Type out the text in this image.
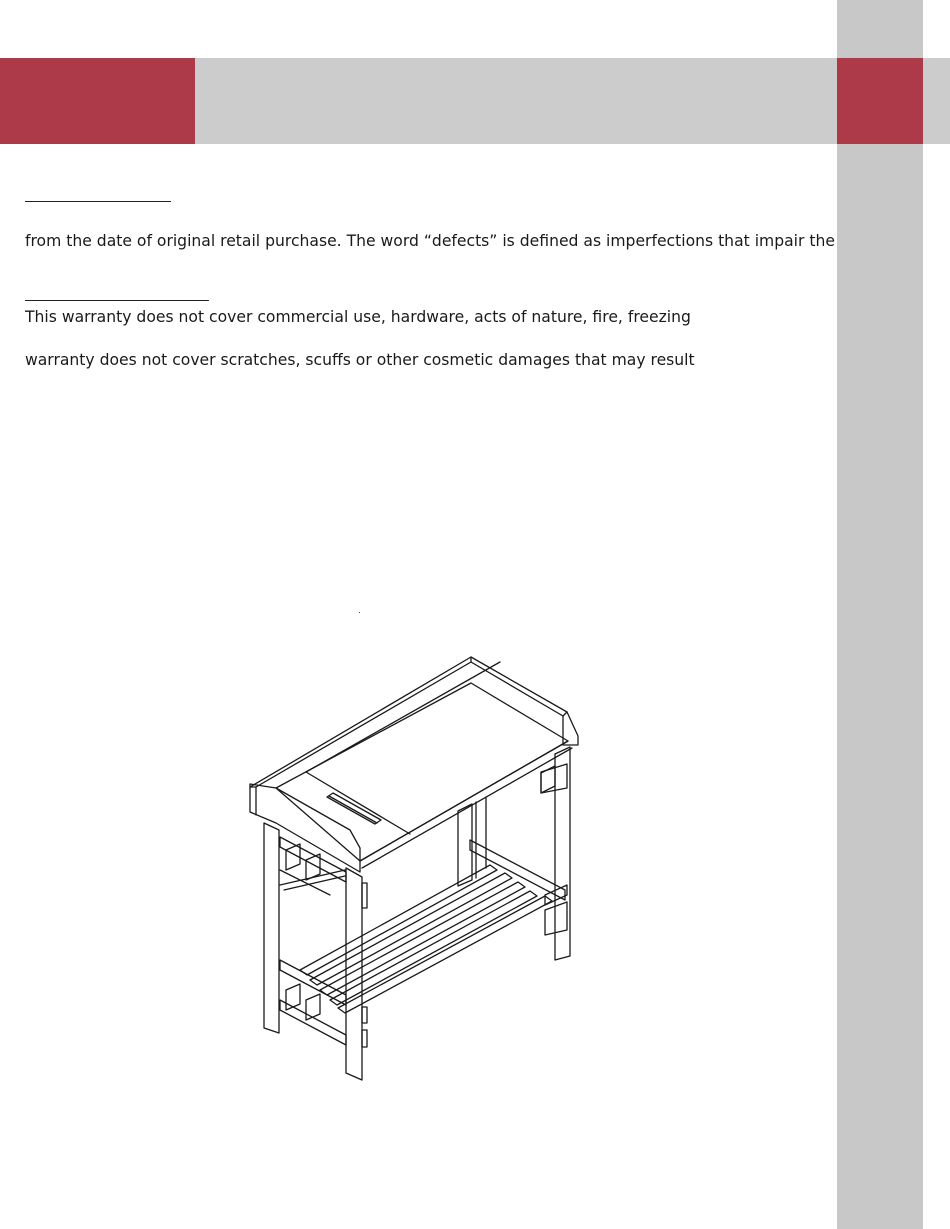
from the date of original retail purchase. The word “defects” is defined as imperfections that impair the

This warranty does not cover commercial use, hardware, acts of nature, fire, freezing

warranty does not cover scratches, scuffs or other cosmetic damages that may result
